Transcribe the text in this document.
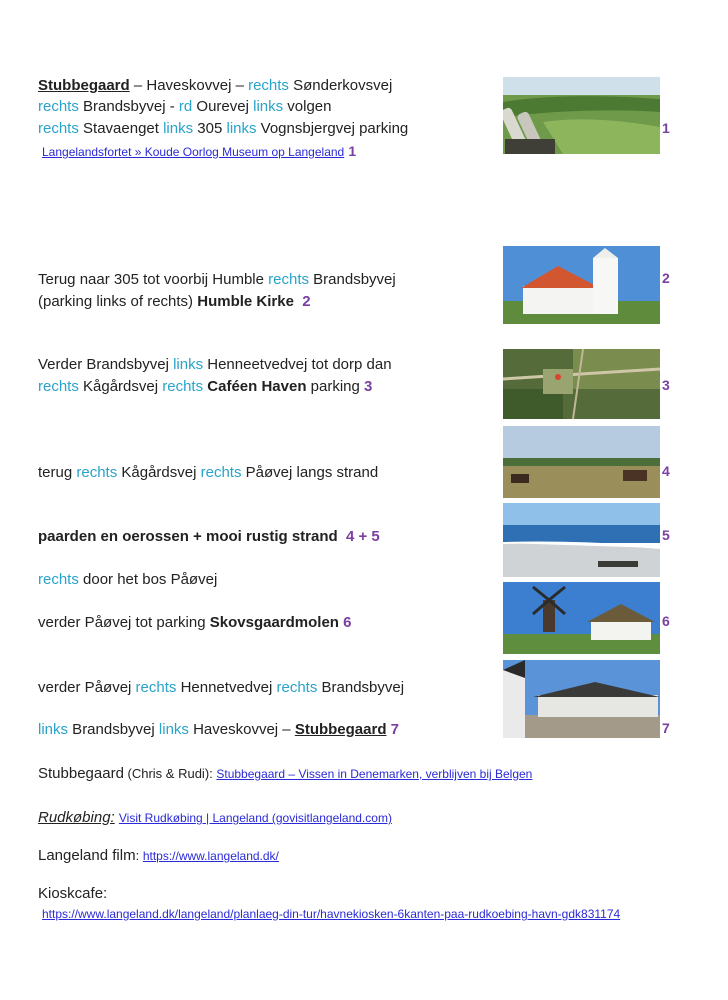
Stubbegaard – Haveskovvej – rechts Sønderkovsvej
rechts Brandsbyvej - rd Ourevej links volgen
rechts Stavaenget links 305 links Vognsbjergvej parking
Langelandsfortet » Koude Oorlog Museum op Langeland 1
1
Terug naar 305 tot voorbij Humble rechts Brandsbyvej
(parking links of rechts) Humble Kirke 2
2
Verder Brandsbyvej links Henneetvedvej tot dorp dan
rechts Kågårdsvej rechts Caféen Haven parking 3	3
terug rechts Kågårdsvej rechts Påøvej langs strand	4
paarden en oerossen + mooi rustig strand 4 + 5	5
rechts door het bos Påøvej
verder Påøvej tot parking Skovsgaardmolen 6	6
verder Påøvej rechts Hennetvedvej rechts Brandsbyvej
links Brandsbyvej links Haveskovvej – Stubbegaard 7	7
Stubbegaard (Chris & Rudi): Stubbegaard – Vissen in Denemarken, verblijven bij Belgen
Rudkøbing: Visit Rudkøbing | Langeland (govisitlangeland.com)
Langeland film: https://www.langeland.dk/
Kioskcafe:
https://www.langeland.dk/langeland/planlaeg-din-tur/havnekiosken-6kanten-paa-rudkoebing-havn-gdk831174
